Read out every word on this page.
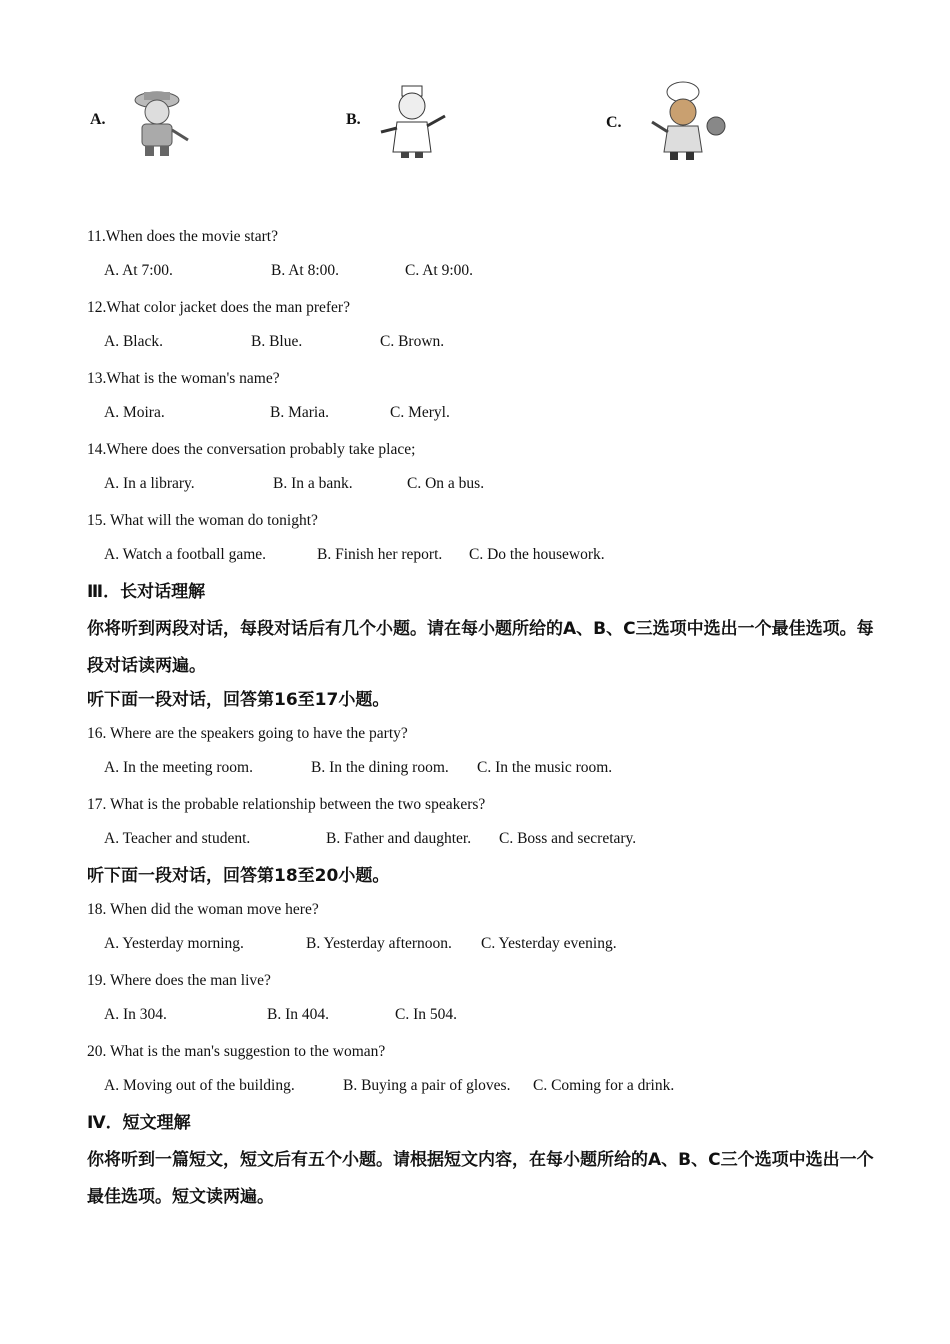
A.	B.	C.
11.When does the movie start?
A. At 7:00.	B. At 8:00.	C. At 9:00.
12.What color jacket does the man prefer?
A. Black.	B. Blue.	C. Brown.
13.What is the woman's name?
A. Moira.	B. Maria.	C. Meryl.
14.Where does the conversation probably take place;
A. In a library.	B. In a bank.	C. On a bus.
15. What will the woman do tonight?
A. Watch a football game.	B. Finish her report. C. Do the housework.
Ⅲ．长对话理解
你将听到两段对话，每段对话后有几个小题。请在每小题所给的A、B、C三选项中选出一个最佳选项。每段对话读两遍。
听下面一段对话，回答第16至17小题。
16. Where are the speakers going to have the party?
A. In the meeting room.	B. In the dining room. C. In the music room.
17. What is the probable relationship between the two speakers?
A. Teacher and student.	B. Father and daughter. C. Boss and secretary.
听下面一段对话，回答第18至20小题。
18. When did the woman move here?
A. Yesterday morning.	B. Yesterday afternoon. C. Yesterday evening.
19. Where does the man live?
A. In 304.	B. In 404.	C. In 504.
20. What is the man's suggestion to the woman?
A. Moving out of the building.	B. Buying a pair of gloves. C. Coming for a drink.
Ⅳ．短文理解
你将听到一篇短文，短文后有五个小题。请根据短文内容，在每小题所给的A、B、C三个选项中选出一个最佳选项。短文读两遍。
